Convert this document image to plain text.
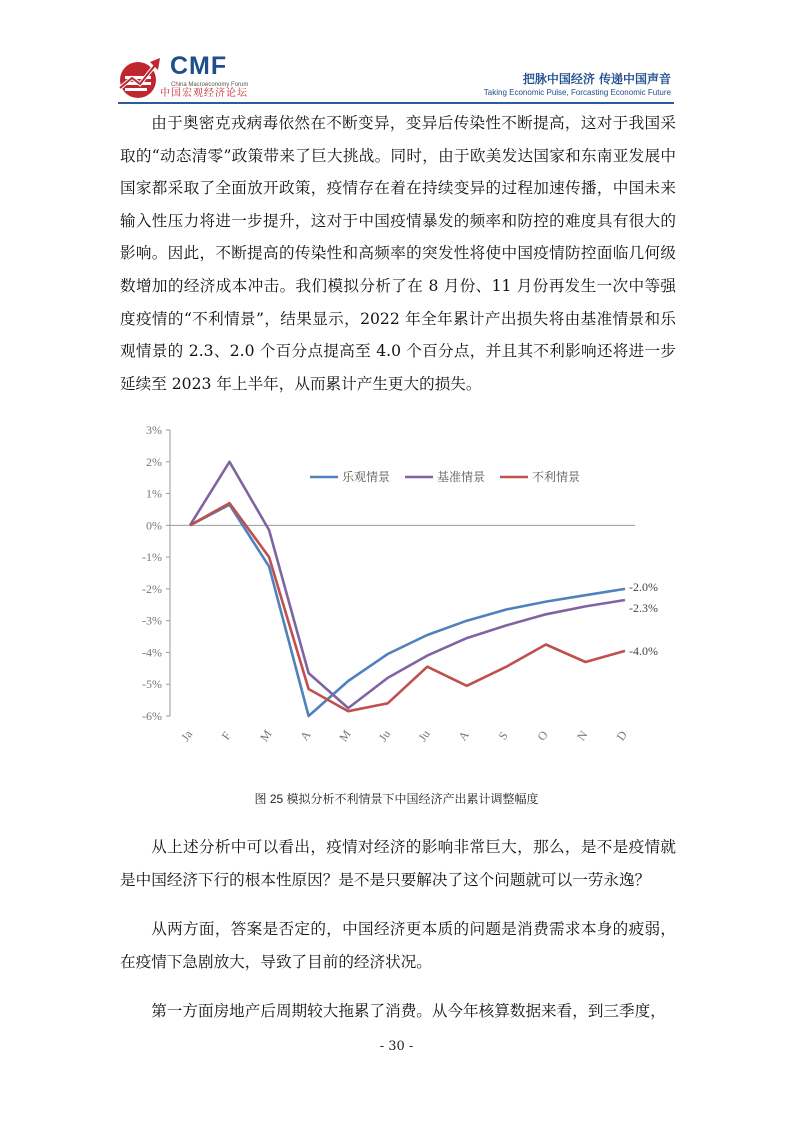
CMF
China Macroeconomy Forum
中国宏观经济论坛
把脉中国经济 传递中国声音
Taking Economic Pulse, Forcasting Economic Future

由于奥密克戎病毒依然在不断变异，变异后传染性不断提高，这对于我国采取的“动态清零”政策带来了巨大挑战。同时，由于欧美发达国家和东南亚发展中国家都采取了全面放开政策，疫情存在着在持续变异的过程加速传播，中国未来输入性压力将进一步提升，这对于中国疫情暴发的频率和防控的难度具有很大的影响。因此，不断提高的传染性和高频率的突发性将使中国疫情防控面临几何级数增加的经济成本冲击。我们模拟分析了在 8 月份、11 月份再发生一次中等强度疫情的“不利情景”，结果显示，2022 年全年累计产出损失将由基准情景和乐观情景的 2.3、2.0 个百分点提高至 4.0 个百分点，并且其不利影响还将进一步延续至 2023 年上半年，从而累计产生更大的损失。

3%
2%
1%
0%
-1%
-2%
-3%
-4%
-5%
-6%
Ja F M A M Ju Ju A S O N D
乐观情景	基准情景	不利情景
-2.0%
-2.3%
-4.0%
图 25 模拟分析不利情景下中国经济产出累计调整幅度

从上述分析中可以看出，疫情对经济的影响非常巨大，那么，是不是疫情就是中国经济下行的根本性原因？是不是只要解决了这个问题就可以一劳永逸？

从两方面，答案是否定的，中国经济更本质的问题是消费需求本身的疲弱，在疫情下急剧放大，导致了目前的经济状况。

第一方面房地产后周期较大拖累了消费。从今年核算数据来看，到三季度，

- 30 -
